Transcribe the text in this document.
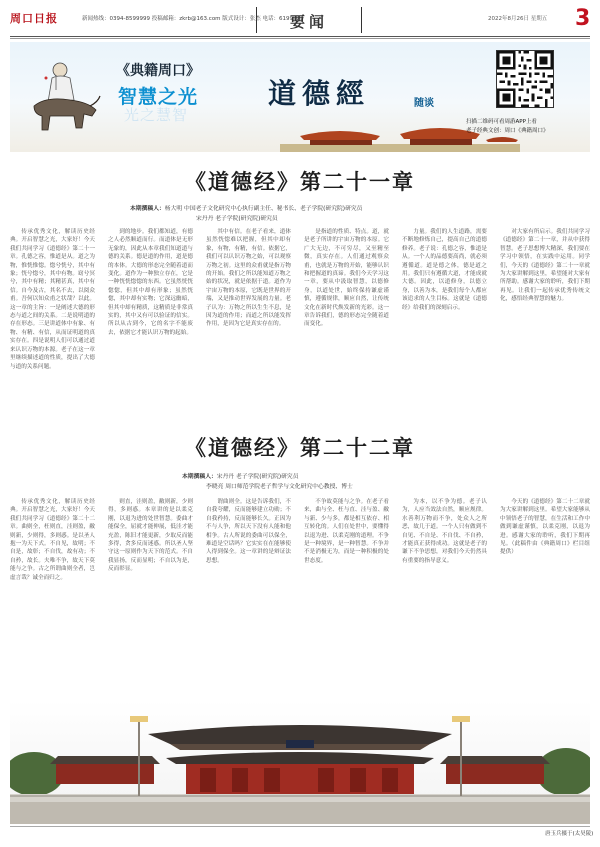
周口日报	新闻热线：0394-8599999 投稿邮箱：zkrb@163.com 版式设计：张杰 电话：6199923
要闻	2022年8月26日 星期五 3
《典籍周口》
智慧之光
光之慧智
道德經	随谈
扫描二维码可看周游APP上看
老子经典文创：周口《典籍周口》
《道德经》第二十一章
本期撰稿人：杨大明 中国老子文化研究中心执行副主任、秘书长、老子学院(研究院)研究员
宋丹丹 老子学院(研究院)研究员

传承优秀文化，解读历史经典。开启智慧之光，大家好！今天我们共同学习《道德经》第二十一章。孔德之容，惟道是从。道之为物，惟恍惟惚。惚兮恍兮，其中有象；恍兮惚兮，其中有物。窈兮冥兮，其中有精；其精甚真，其中有信。自今及古，其名不去，以阅众甫。吾何以知众甫之状哉？以此。这一章的主旨：一是阐述大德的形态与道之间的关系。二是说明道的存在形态。三是讲道体中有象、有物、有精、有信，从而证明道的真实存在。四是说明人们可以通过道来认识万物的本源。老子在这一章里继续描述道的性质，提出了大德与道的关系问题。

到的地步。我们都知道，有德之人必然顺道而行。而道体是无形无象的，因此从本章我们知道道与德的关系。德是道的作用，道是德的本体。大德的形态完全随着道而变化。道作为一种独立存在，它是一种恍恍惚惚的东西。它虽然恍恍惚惚，但其中却有形象；虽然恍惚，其中却有实物；它深远幽暗，但其中却有精质，这精质是非常真实的，其中又有可以验证的信实。所以从古到今，它的名字不能废去，依据它才能认识万物的起始。

其中有信。在老子看来，道体虽然恍惚难以把握，但其中却有象，有物，有精，有信。依据它，我们可以认识万物之始，可以观察万物之初。这里的众甫就是指万物的开始。我们之所以能知道万物之始的状况，就是依据于道。道作为宇宙万物的本原，它既是世界的开端，又是推动世界发展的力量。老子认为：万物之所以生生不息，是因为道的作用；而道之所以能发挥作用，是因为它是真实存在的。

是指道的性质、特点。道，就是老子所讲的宇宙万物的本原。它广大无边，不可穷尽，又至精至微，真实存在。人们通过观察众甫，也就是万物的开始，能够认识和把握道的真谛。我们今天学习这一章，要从中汲取智慧，以德修身，以道处世，始终保持谦虚谨慎，遵循规律，顺应自然，让传统文化在新时代焕发新的光彩。这一章告诉我们，德的形态完全随着道而变化。

力量。我们的人生道路，需要不断地修炼自己，提高自己的道德修养。老子说：孔德之容，惟道是从。一个人的品德要高尚，就必须遵循道。道是德之体，德是道之用。我们只有遵循大道，才能成就大德。因此，以道修身，以德立身，以善为本，是我们每个人都应该追求的人生目标。这就是《道德经》给我们的深刻启示。

对大家有所启示。我们共同学习《道德经》第二十一章，并从中获得智慧。老子思想博大精深，我们要在学习中领悟，在实践中运用。同学们，今天的《道德经》第二十一章就为大家讲解到这里，希望能对大家有所帮助。感谢大家的聆听，我们下期再见。让我们一起传承优秀传统文化，感悟经典智慧的魅力。

《道德经》第二十二章
本期撰稿人：宋丹丹 老子学院(研究院)研究员
李晓亮 周口师范学院老子哲学与文化研究中心教授、博士

传承优秀文化，解读历史经典。开启智慧之光，大家好！今天我们共同学习《道德经》第二十二章。曲则全，枉则直，洼则盈，敝则新，少则得，多则惑。是以圣人抱一为天下式。不自见，故明；不自是，故彰；不自伐，故有功；不自矜，故长。夫唯不争，故天下莫能与之争。古之所谓曲则全者，岂虚言哉？诚全而归之。

则直，洼则盈，敝则新，少则得，多则惑。本章讲的是以柔克刚，以退为进的处世智慧。委曲才能保全，屈就才能伸展，低洼才能充盈，陈旧才能更新，少取反而能多得，贪多反而迷惑。所以圣人坚守这一原则作为天下的范式。不自我显扬，反而显明；不自以为是，反而彰显。

谓曲则全。这是告诉我们，不自我夸耀，反而能够建立功勋；不自我矜持，反而能够长久。正因为不与人争，所以天下没有人能和他相争。古人所说的委曲可以保全，难道是空话吗？它实实在在能够使人得到保全。这一章讲的是辩证法思想。

不争故莫能与之争。在老子看来，曲与全、枉与直、洼与盈、敝与新、少与多，都是相互依存、相互转化的。人们在处世中，要懂得以退为进、以柔克刚的道理。不争是一种境界，是一种智慧。不争并不是消极无为，而是一种积极的处世态度。

为本，以不争为德。老子认为，人应当效法自然，顺应规律。水善利万物而不争，处众人之所恶，故几于道。一个人只有做到不自见、不自是、不自伐、不自矜，才能真正获得成功。这就是老子的谦下不争思想，对我们今天仍然具有重要的指导意义。

今天的《道德经》第二十二章就为大家讲解到这里。希望大家能够从中领悟老子的智慧，在生活和工作中做到谦虚谨慎，以柔克刚，以退为进。感谢大家的聆听，我们下期再见。（此稿件由《典籍周口》栏目组提供）

唐玉兵摄于(太昊陵)
